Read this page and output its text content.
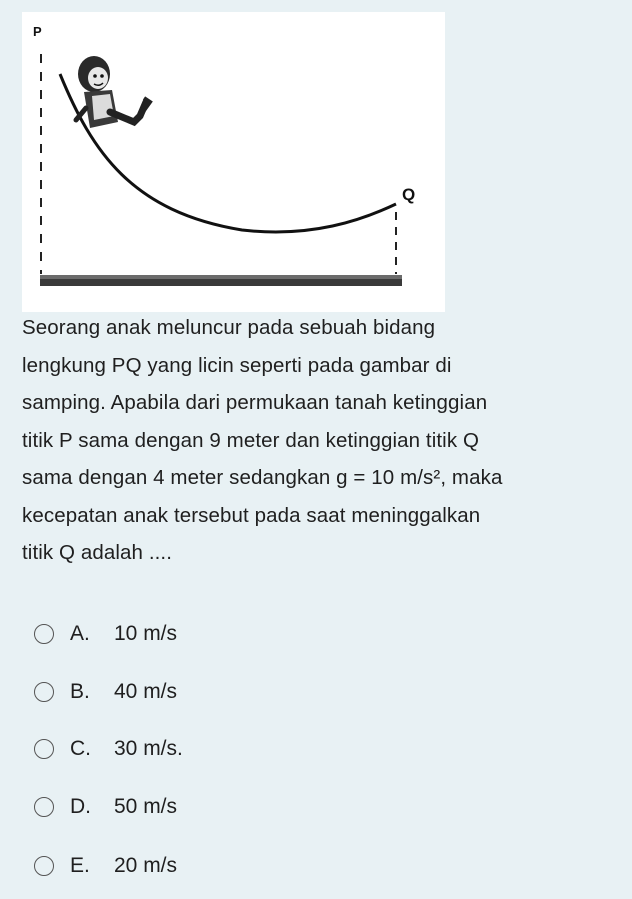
P
Q
Seorang anak meluncur pada sebuah bidang
lengkung PQ yang licin seperti pada gambar di
samping. Apabila dari permukaan tanah ketinggian
titik P sama dengan 9 meter dan ketinggian titik Q
sama dengan 4 meter sedangkan g = 10 m/s², maka
kecepatan anak tersebut pada saat meninggalkan
titik Q adalah ....
A.	10 m/s
B.	40 m/s
C.	30 m/s.
D.	50 m/s
E.	20 m/s
